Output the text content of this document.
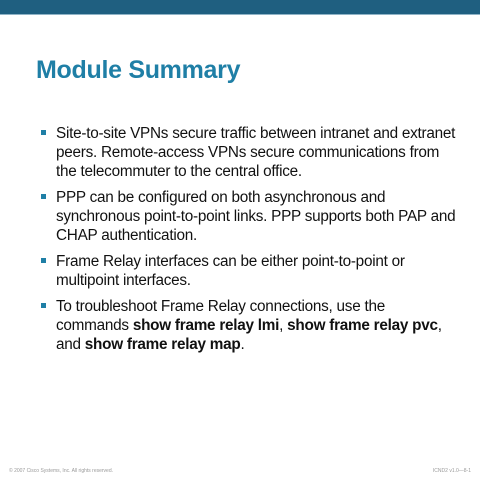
Module Summary
Site-to-site VPNs secure traffic between intranet and extranet peers. Remote-access VPNs secure communications from the telecommuter to the central office.
PPP can be configured on both asynchronous and synchronous point-to-point links. PPP supports both PAP and CHAP authentication.
Frame Relay interfaces can be either point-to-point or multipoint interfaces.
To troubleshoot Frame Relay connections, use the commands show frame relay lmi, show frame relay pvc, and show frame relay map.
© 2007 Cisco Systems, Inc. All rights reserved.	ICND2 v1.0—8-1
